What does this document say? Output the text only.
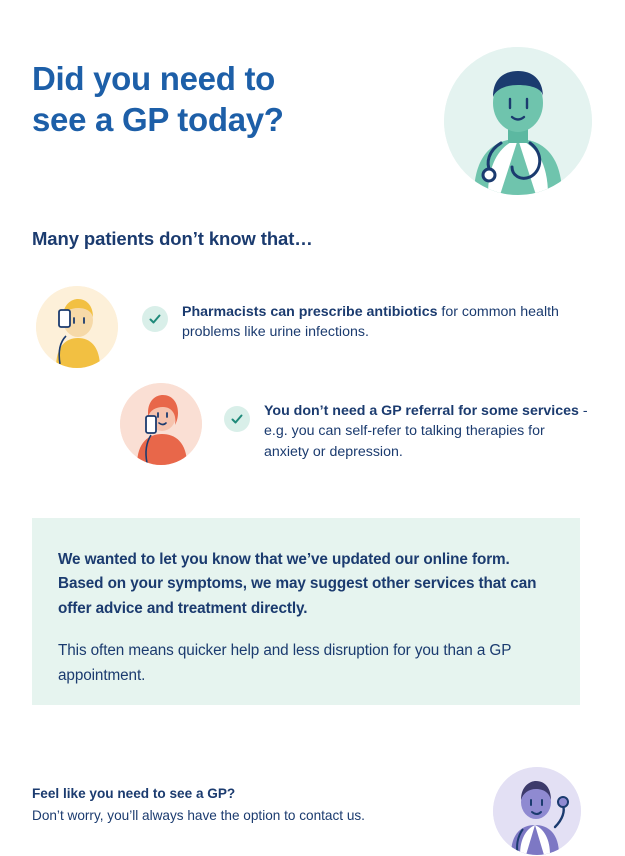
Did you need to
see a GP today?
Many patients don’t know that…
Pharmacists can prescribe antibiotics for common health problems like urine infections.
You don’t need a GP referral for some services - e.g. you can self-refer to talking therapies for anxiety or depression.

We wanted to let you know that we’ve updated our online form. Based on your symptoms, we may suggest other services that can offer advice and treatment directly.

This often means quicker help and less disruption for you than a GP appointment.

Feel like you need to see a GP?

Don’t worry, you’ll always have the option to contact us.
